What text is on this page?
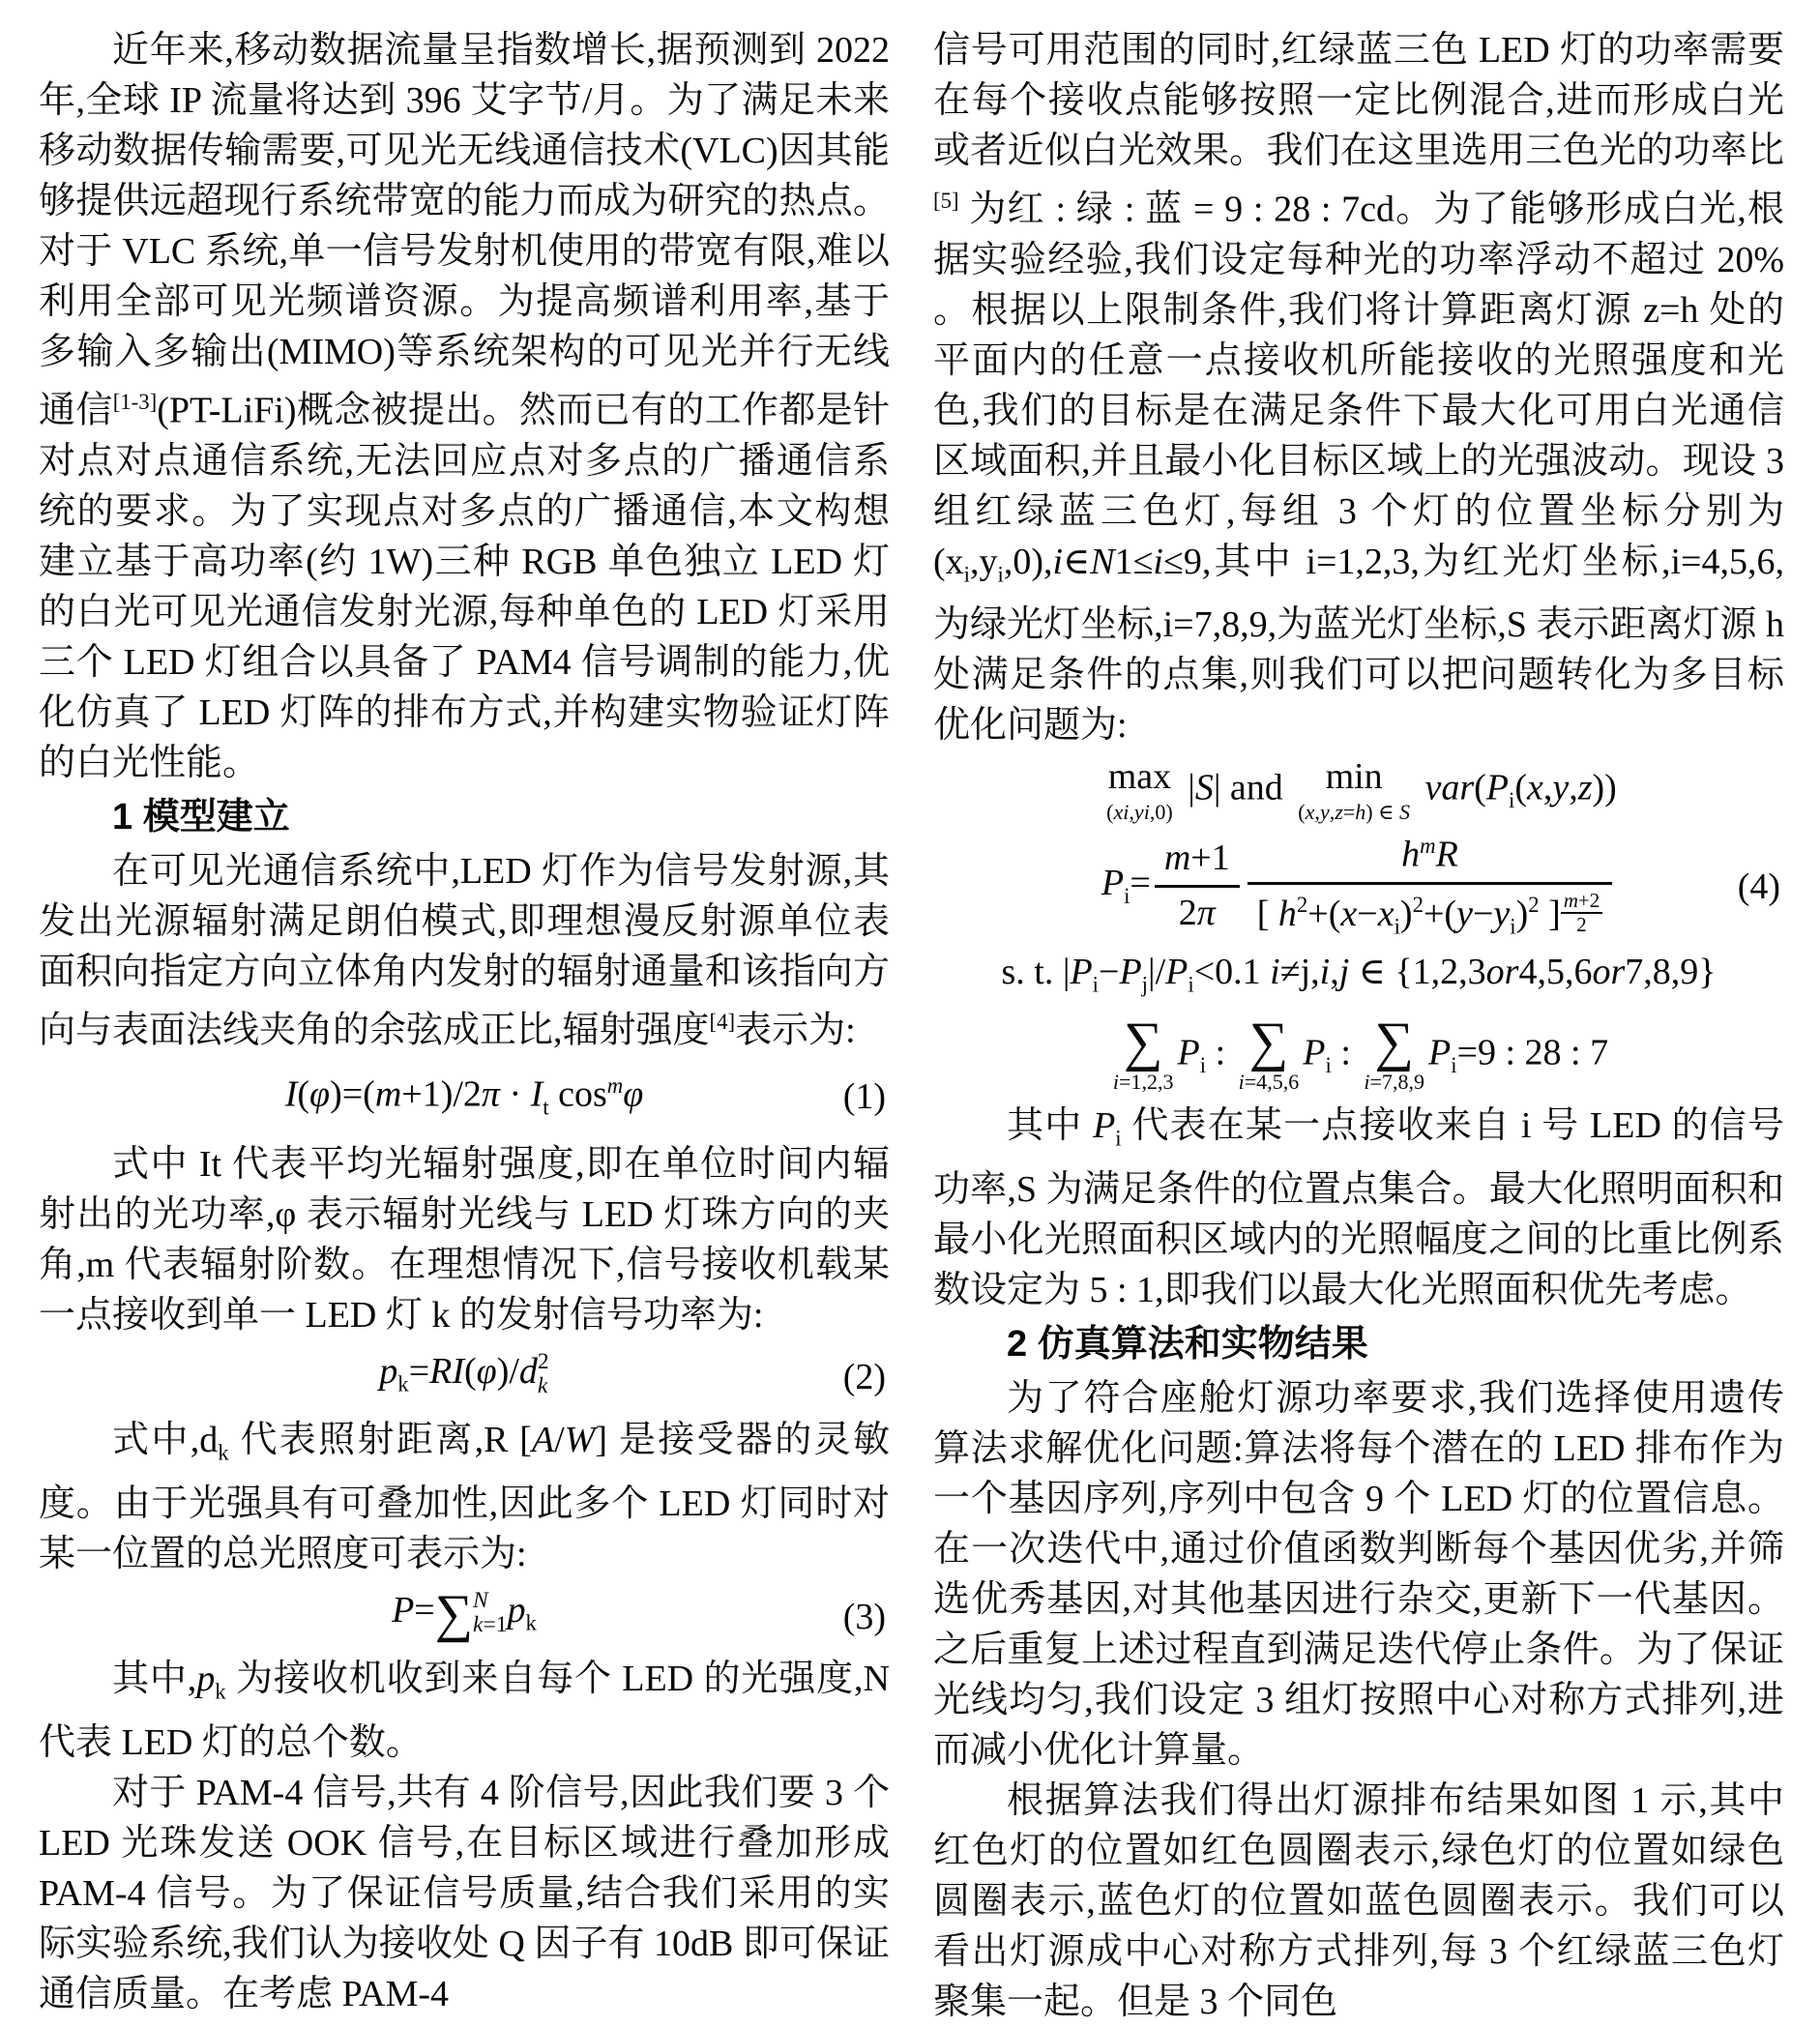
近年来,移动数据流量呈指数增长,据预测到 2022 年,全球 IP 流量将达到 396 艾字节/月。为了满足未来移动数据传输需要,可见光无线通信技术(VLC)因其能够提供远超现行系统带宽的能力而成为研究的热点。对于 VLC 系统,单一信号发射机使用的带宽有限,难以利用全部可见光频谱资源。为提高频谱利用率,基于多输入多输出(MIMO)等系统架构的可见光并行无线通信[1-3](PT-LiFi)概念被提出。然而已有的工作都是针对点对点通信系统,无法回应点对多点的广播通信系统的要求。为了实现点对多点的广播通信,本文构想建立基于高功率(约 1W)三种 RGB 单色独立 LED 灯的白光可见光通信发射光源,每种单色的 LED 灯采用三个 LED 灯组合以具备了 PAM4 信号调制的能力,优化仿真了 LED 灯阵的排布方式,并构建实物验证灯阵的白光性能。

1 模型建立

在可见光通信系统中,LED 灯作为信号发射源,其发出光源辐射满足朗伯模式,即理想漫反射源单位表面积向指定方向立体角内发射的辐射通量和该指向方向与表面法线夹角的余弦成正比,辐射强度[4]表示为:

$I(\varphi)=(m+1)/2\pi \cdot I_t$ $\cos^m\varphi$	(1)

式中 It 代表平均光辐射强度,即在单位时间内辐射出的光功率,φ 表示辐射光线与 LED 灯珠方向的夹角,m 代表辐射阶数。在理想情况下,信号接收机载某一点接收到单一 LED 灯 k 的发射信号功率为:

$p_k=RI(\varphi)/d$ 2
k	(2)

式中$,d_k$ 代表照射距离,R [A/W] 是接受器的灵敏度。由于光强具有可叠加性,因此多个 LED 灯同时对某一位置的总光照度可表示为:

P=∑ N
k=1 $p_k$	(3)

其中$,p_k$ 为接收机收到来自每个 LED 的光强度,N 代表 LED 灯的总个数。

对于 PAM-4 信号,共有 4 阶信号,因此我们要 3 个 LED 光珠发送 OOK 信号,在目标区域进行叠加形成 PAM-4 信号。为了保证信号质量,结合我们采用的实际实验系统,我们认为接收处 Q 因子有 10dB 即可保证通信质量。在考虑 PAM-4

信号可用范围的同时,红绿蓝三色 LED 灯的功率需要在每个接收点能够按照一定比例混合,进而形成白光或者近似白光效果。我们在这里选用三色光的功率比[5] 为红 : 绿 : 蓝 = 9 : 28 : 7cd。为了能够形成白光,根据实验经验,我们设定每种光的功率浮动不超过 20% 。根据以上限制条件,我们将计算距离灯源 z=h 处的平面内的任意一点接收机所能接收的光照强度和光色,我们的目标是在满足条件下最大化可用白光通信区域面积,并且最小化目标区域上的光强波动。现设 3 组红绿蓝三色灯,每组 3 个灯的位置坐标分别为$(x_i,y_i,0),i\in N1\le i\le 9$,其中 i=1,2,3,为红光灯坐标,i=4,5,6,为绿光灯坐标,i=7,8,9,为蓝光灯坐标,S 表示距离灯源 h 处满足条件的点集,则我们可以把问题转化为多目标优化问题为:

max
(xi,yi,0)
|S| and min
(x,y,z=h) ∈ S
$var(P_i(x,y,z))$
$P_i= \frac{m+1}{2\pi}$	$h^mR$
[ $h^2+(x-x_i)^2+(y-y_i)^2$ ] $\frac{m+2}{2}$
(4)
s. t. $|P_i-P_j|/P_i<0.1$ i≠j,i,j ∈ {1,2,3or4,5,6or7,8,9}
∑
i=1,2,3
$P_i$ : ∑
i=4,5,6
$P_i$ : ∑
i=7,8,9
$P_i=9$ : 28 : 7

其中 $P_i$ 代表在某一点接收来自 i 号 LED 的信号功率,S 为满足条件的位置点集合。最大化照明面积和最小化光照面积区域内的光照幅度之间的比重比例系数设定为 5 : 1,即我们以最大化光照面积优先考虑。

2 仿真算法和实物结果

为了符合座舱灯源功率要求,我们选择使用遗传算法求解优化问题:算法将每个潜在的 LED 排布作为一个基因序列,序列中包含 9 个 LED 灯的位置信息。在一次迭代中,通过价值函数判断每个基因优劣,并筛选优秀基因,对其他基因进行杂交,更新下一代基因。之后重复上述过程直到满足迭代停止条件。为了保证光线均匀,我们设定 3 组灯按照中心对称方式排列,进而减小优化计算量。

根据算法我们得出灯源排布结果如图 1 示,其中红色灯的位置如红色圆圈表示,绿色灯的位置如绿色圆圈表示,蓝色灯的位置如蓝色圆圈表示。我们可以看出灯源成中心对称方式排列,每 3 个红绿蓝三色灯聚集一起。但是 3 个同色
